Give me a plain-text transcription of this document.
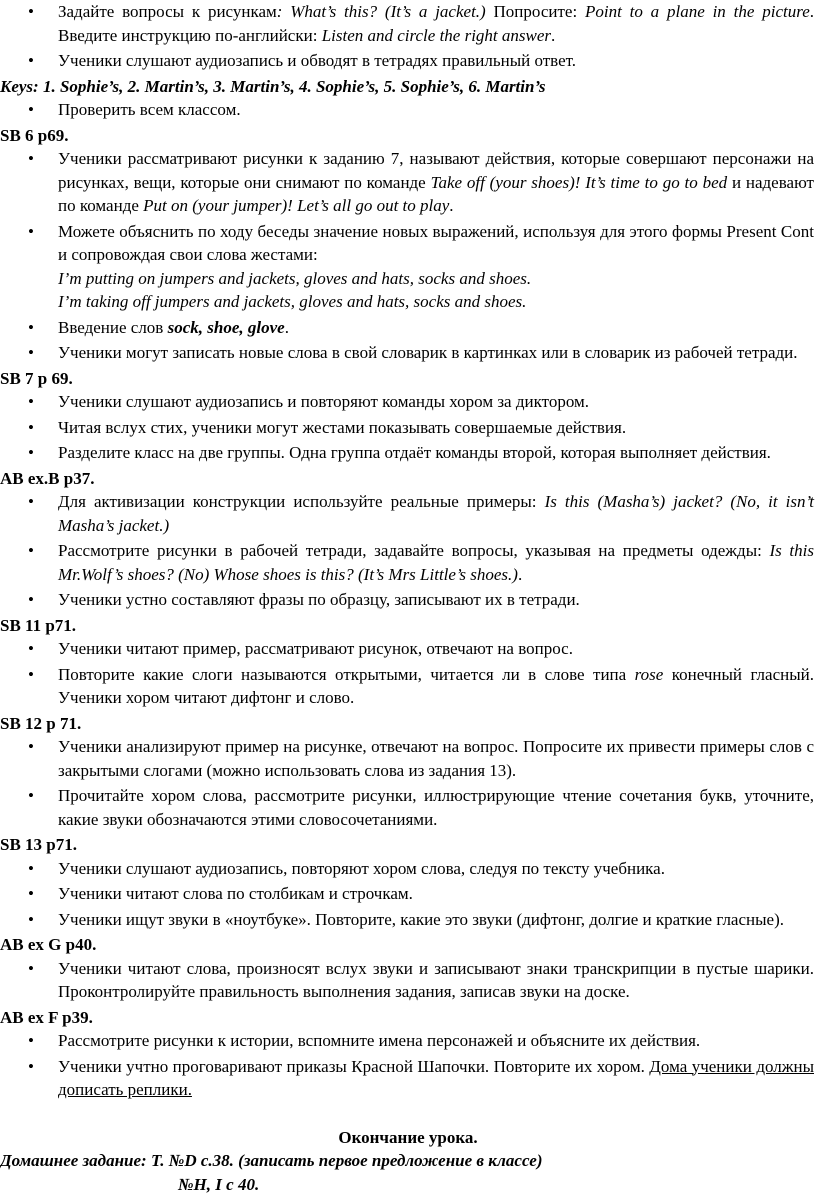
• Задайте вопросы к рисункам: What’s this? (It’s a jacket.) Попросите: Point to a plane in the picture. Введите инструкцию по-английски: Listen and circle the right answer.
• Ученики слушают аудиозапись и обводят в тетрадях правильный ответ.

Keys: 1. Sophie’s, 2. Martin’s, 3. Martin’s, 4. Sophie’s, 5. Sophie’s, 6. Martin’s

• Проверить всем классом.

SB 6 p69.

• Ученики рассматривают рисунки к заданию 7, называют действия, которые совершают персонажи на рисунках, вещи, которые они снимают по команде Take off (your shoes)! It’s time to go to bed и надевают по команде Put on (your jumper)! Let’s all go out to play.
• Можете объяснить по ходу беседы значение новых выражений, используя для этого формы Present Cont и сопровождая свои слова жестами:
I’m putting on jumpers and jackets, gloves and hats, socks and shoes.
I’m taking off jumpers and jackets, gloves and hats, socks and shoes.
• Введение слов sock, shoe, glove.
• Ученики могут записать новые слова в свой словарик в картинках или в словарик из рабочей тетради.

SB 7 p 69.

• Ученики слушают аудиозапись и повторяют команды хором за диктором.
• Читая вслух стих, ученики могут жестами показывать совершаемые действия.
• Разделите класс на две группы. Одна группа отдаёт команды второй, которая выполняет действия.

AB ex.B p37.

• Для активизации конструкции используйте реальные примеры: Is this (Masha’s) jacket? (No, it isn’t Masha’s jacket.)
• Рассмотрите рисунки в рабочей тетради, задавайте вопросы, указывая на предметы одежды: Is this Mr.Wolf’s shoes? (No) Whose shoes is this? (It’s Mrs Little’s shoes.).
• Ученики устно составляют фразы по образцу, записывают их в тетради.

SB 11 p71.

• Ученики читают пример, рассматривают рисунок, отвечают на вопрос.
• Повторите какие слоги называются открытыми, читается ли в слове типа rose конечный гласный. Ученики хором читают дифтонг и слово.

SB 12 p 71.

• Ученики анализируют пример на рисунке, отвечают на вопрос. Попросите их привести примеры слов с закрытыми слогами (можно использовать слова из задания 13).
• Прочитайте хором слова, рассмотрите рисунки, иллюстрирующие чтение сочетания букв, уточните, какие звуки обозначаются этими словосочетаниями.

SB 13 p71.

• Ученики слушают аудиозапись, повторяют хором слова, следуя по тексту учебника.
• Ученики читают слова по столбикам и строчкам.
• Ученики ищут звуки в «ноутбуке». Повторите, какие это звуки (дифтонг, долгие и краткие гласные).

AB ex G p40.

• Ученики читают слова, произносят вслух звуки и записывают знаки транскрипции в пустые шарики. Проконтролируйте правильность выполнения задания, записав звуки на доске.

AB ex F p39.

• Рассмотрите рисунки к истории, вспомните имена персонажей и объясните их действия.
• Ученики учтно проговаривают приказы Красной Шапочки. Повторите их хором. Дома ученики должны дописать реплики.

Окончание урока.

Домашнее задание: Т. №D c.38. (записать первое предложение в классе)

№H, I c 40.
